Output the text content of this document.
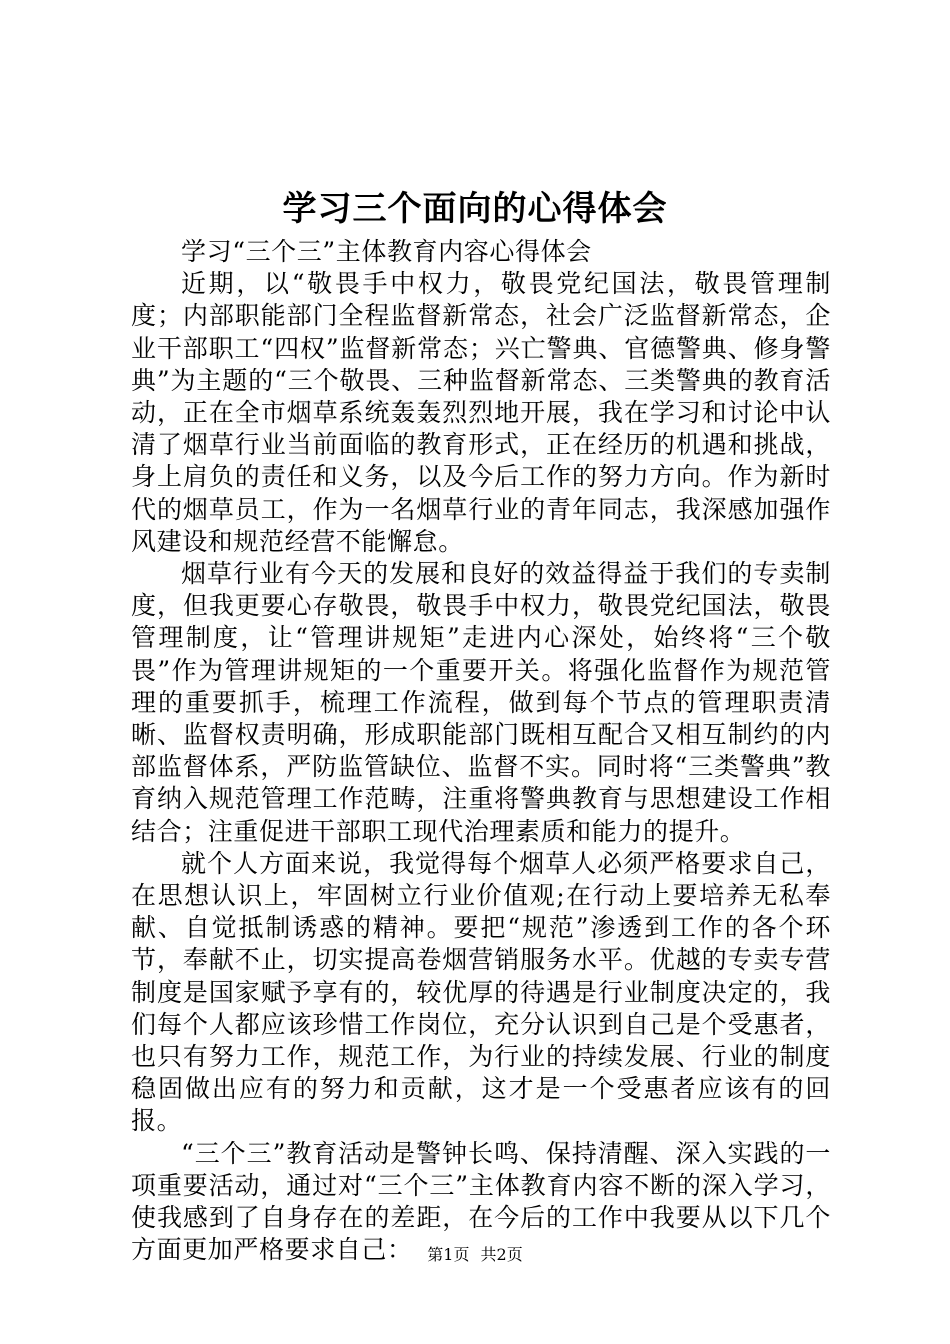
学习三个面向的心得体会

学习“三个三”主体教育内容心得体会

近期，以“敬畏手中权力，敬畏党纪国法，敬畏管理制度；内部职能部门全程监督新常态，社会广泛监督新常态，企业干部职工“四权”监督新常态；兴亡警典、官德警典、修身警典”为主题的“三个敬畏、三种监督新常态、三类警典的教育活动，正在全市烟草系统轰轰烈烈地开展，我在学习和讨论中认清了烟草行业当前面临的教育形式，正在经历的机遇和挑战，身上肩负的责任和义务，以及今后工作的努力方向。作为新时代的烟草员工，作为一名烟草行业的青年同志，我深感加强作风建设和规范经营不能懈怠。

烟草行业有今天的发展和良好的效益得益于我们的专卖制度，但我更要心存敬畏，敬畏手中权力，敬畏党纪国法，敬畏管理制度，让“管理讲规矩”走进内心深处，始终将“三个敬畏”作为管理讲规矩的一个重要开关。将强化监督作为规范管理的重要抓手，梳理工作流程，做到每个节点的管理职责清晰、监督权责明确，形成职能部门既相互配合又相互制约的内部监督体系，严防监管缺位、监督不实。同时将“三类警典”教育纳入规范管理工作范畴，注重将警典教育与思想建设工作相结合；注重促进干部职工现代治理素质和能力的提升。

就个人方面来说，我觉得每个烟草人必须严格要求自己，在思想认识上，牢固树立行业价值观;在行动上要培养无私奉献、自觉抵制诱惑的精神。要把“规范”渗透到工作的各个环节，奉献不止，切实提高卷烟营销服务水平。优越的专卖专营制度是国家赋予享有的，较优厚的待遇是行业制度决定的，我们每个人都应该珍惜工作岗位，充分认识到自己是个受惠者，也只有努力工作，规范工作，为行业的持续发展、行业的制度稳固做出应有的努力和贡献，这才是一个受惠者应该有的回报。

“三个三”教育活动是警钟长鸣、保持清醒、深入实践的一项重要活动，通过对“三个三”主体教育内容不断的深入学习，使我感到了自身存在的差距，在今后的工作中我要从以下几个方面更加严格要求自己： 第1页 共2页
